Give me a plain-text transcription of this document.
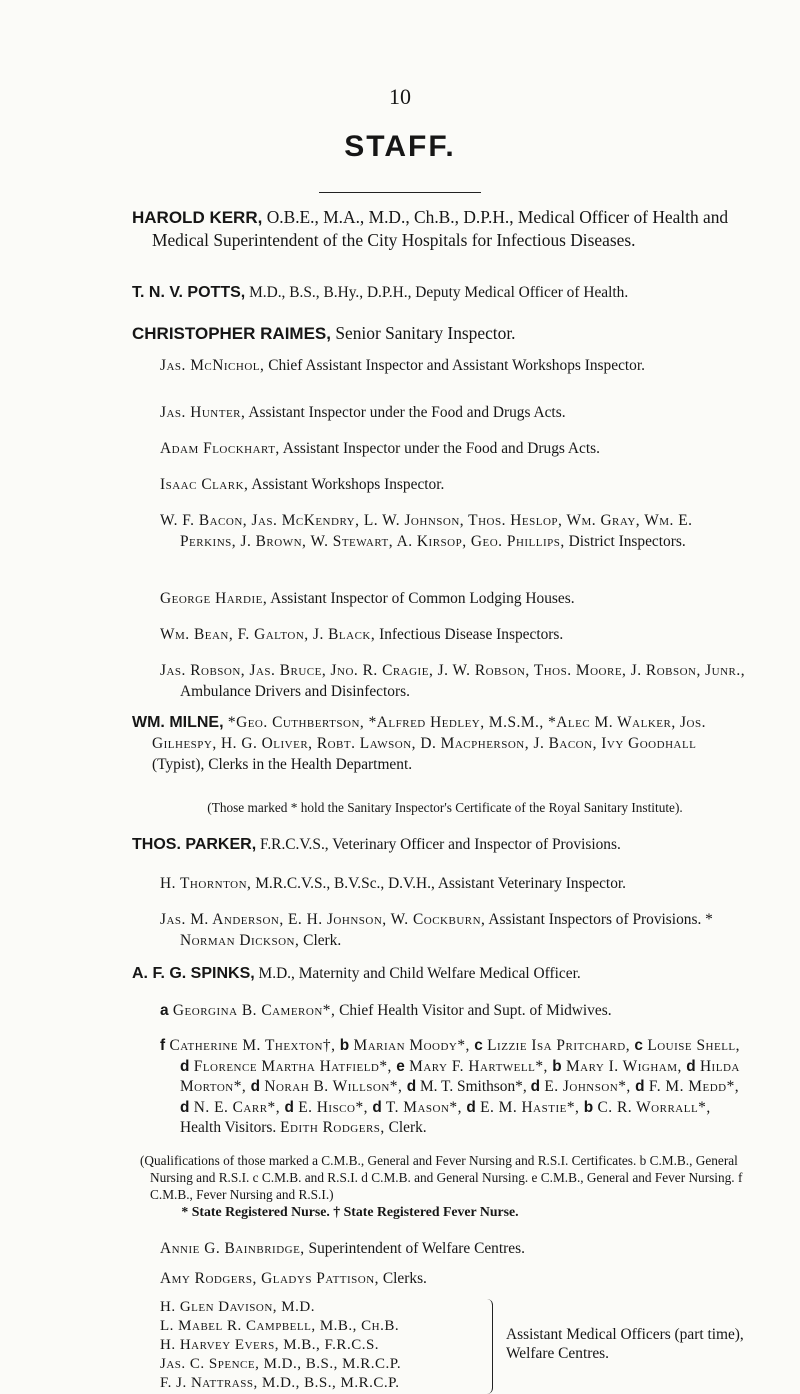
10
STAFF.

HAROLD KERR, O.B.E., M.A., M.D., Ch.B., D.P.H., Medical Officer of Health and Medical Superintendent of the City Hospitals for Infectious Diseases.

T. N. V. POTTS, M.D., B.S., B.Hy., D.P.H., Deputy Medical Officer of Health.

CHRISTOPHER RAIMES, Senior Sanitary Inspector.

Jas. McNichol, Chief Assistant Inspector and Assistant Workshops Inspector.

Jas. Hunter, Assistant Inspector under the Food and Drugs Acts.

Adam Flockhart, Assistant Inspector under the Food and Drugs Acts.

Isaac Clark, Assistant Workshops Inspector.

W. F. Bacon, Jas. McKendry, L. W. Johnson, Thos. Heslop, Wm. Gray, Wm. E. Perkins, J. Brown, W. Stewart, A. Kirsop, Geo. Phillips, District Inspectors.

George Hardie, Assistant Inspector of Common Lodging Houses.

Wm. Bean, F. Galton, J. Black, Infectious Disease Inspectors.

Jas. Robson, Jas. Bruce, Jno. R. Cragie, J. W. Robson, Thos. Moore, J. Robson, Junr., Ambulance Drivers and Disinfectors.

WM. MILNE, *Geo. Cuthbertson, *Alfred Hedley, M.S.M., *Alec M. Walker, Jos. Gilhespy, H. G. Oliver, Robt. Lawson, D. Macpherson, J. Bacon, Ivy Goodhall (Typist), Clerks in the Health Department.

(Those marked * hold the Sanitary Inspector's Certificate of the Royal Sanitary Institute).

THOS. PARKER, F.R.C.V.S., Veterinary Officer and Inspector of Provisions.

H. Thornton, M.R.C.V.S., B.V.Sc., D.V.H., Assistant Veterinary Inspector.

Jas. M. Anderson, E. H. Johnson, W. Cockburn, Assistant Inspectors of Provisions. * Norman Dickson, Clerk.

A. F. G. SPINKS, M.D., Maternity and Child Welfare Medical Officer.

a Georgina B. Cameron*, Chief Health Visitor and Supt. of Midwives.

f Catherine M. Thexton†, b Marian Moody*, c Lizzie Isa Pritchard, c Louise Shell, d Florence Martha Hatfield*, e Mary F. Hartwell*, b Mary I. Wigham, d Hilda Morton*, d Norah B. Willson*, d M. T. Smithson*, d E. Johnson*, d F. M. Medd*, d N. E. Carr*, d E. Hisco*, d T. Mason*, d E. M. Hastie*, b C. R. Worrall*, Health Visitors. Edith Rodgers, Clerk.

(Qualifications of those marked a C.M.B., General and Fever Nursing and R.S.I. Certificates. b C.M.B., General Nursing and R.S.I. c C.M.B. and R.S.I. d C.M.B. and General Nursing. e C.M.B., General and Fever Nursing. f C.M.B., Fever Nursing and R.S.I.)

* State Registered Nurse. † State Registered Fever Nurse.

Annie G. Bainbridge, Superintendent of Welfare Centres.

Amy Rodgers, Gladys Pattison, Clerks.

H. Glen Davison, M.D.
L. Mabel R. Campbell, M.B., Ch.B.
H. Harvey Evers, M.B., F.R.C.S.
Jas. C. Spence, M.D., B.S., M.R.C.P.
F. J. Nattrass, M.D., B.S., M.R.C.P.
Assistant Medical Officers (part time), Welfare Centres.
